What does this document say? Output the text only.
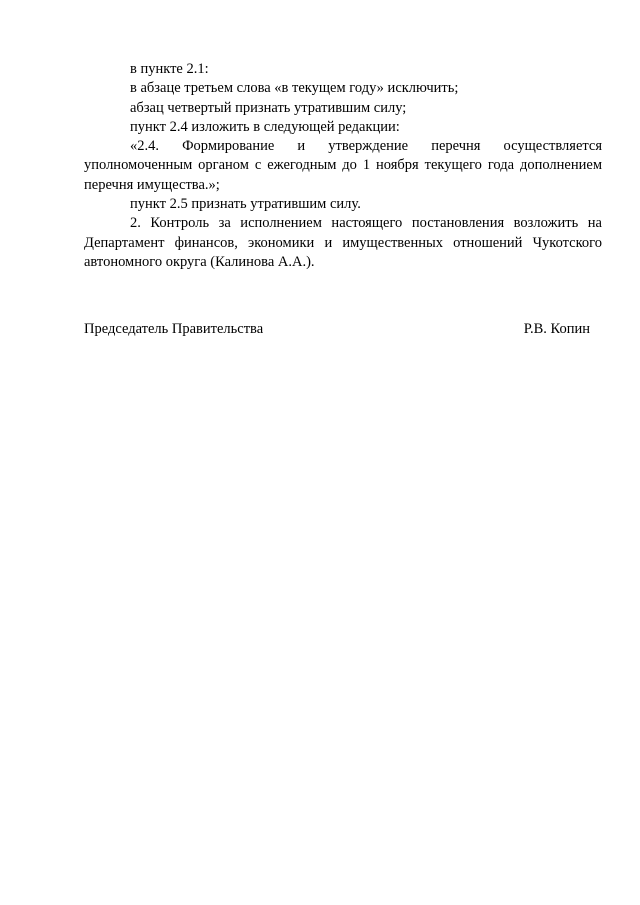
в пункте 2.1:

в абзаце третьем слова «в текущем году» исключить;

абзац четвертый признать утратившим силу;

пункт 2.4 изложить в следующей редакции:

«2.4. Формирование и утверждение перечня осуществляется уполномоченным органом с ежегодным до 1 ноября текущего года дополнением перечня имущества.»;

пункт 2.5 признать утратившим силу.

2. Контроль за исполнением настоящего постановления возложить на Департамент финансов, экономики и имущественных отношений Чукотского автономного округа (Калинова А.А.).

Председатель Правительства	Р.В. Копин
